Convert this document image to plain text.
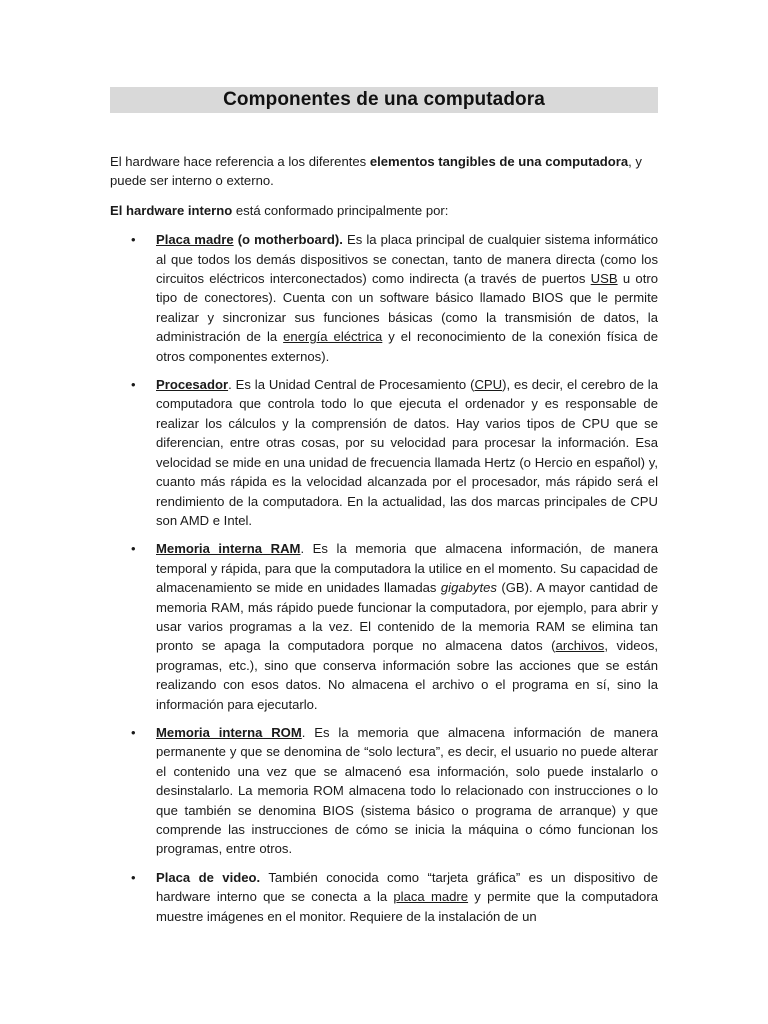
Componentes de una computadora

El hardware hace referencia a los diferentes elementos tangibles de una computadora, y puede ser interno o externo.

El hardware interno está conformado principalmente por:

• Placa madre (o motherboard). Es la placa principal de cualquier sistema informático al que todos los demás dispositivos se conectan, tanto de manera directa (como los circuitos eléctricos interconectados) como indirecta (a través de puertos USB u otro tipo de conectores). Cuenta con un software básico llamado BIOS que le permite realizar y sincronizar sus funciones básicas (como la transmisión de datos, la administración de la energía eléctrica y el reconocimiento de la conexión física de otros componentes externos).
• Procesador. Es la Unidad Central de Procesamiento (CPU), es decir, el cerebro de la computadora que controla todo lo que ejecuta el ordenador y es responsable de realizar los cálculos y la comprensión de datos. Hay varios tipos de CPU que se diferencian, entre otras cosas, por su velocidad para procesar la información. Esa velocidad se mide en una unidad de frecuencia llamada Hertz (o Hercio en español) y, cuanto más rápida es la velocidad alcanzada por el procesador, más rápido será el rendimiento de la computadora. En la actualidad, las dos marcas principales de CPU son AMD e Intel.
• Memoria interna RAM. Es la memoria que almacena información, de manera temporal y rápida, para que la computadora la utilice en el momento. Su capacidad de almacenamiento se mide en unidades llamadas gigabytes (GB). A mayor cantidad de memoria RAM, más rápido puede funcionar la computadora, por ejemplo, para abrir y usar varios programas a la vez. El contenido de la memoria RAM se elimina tan pronto se apaga la computadora porque no almacena datos (archivos, videos, programas, etc.), sino que conserva información sobre las acciones que se están realizando con esos datos. No almacena el archivo o el programa en sí, sino la información para ejecutarlo.
• Memoria interna ROM. Es la memoria que almacena información de manera permanente y que se denomina de “solo lectura”, es decir, el usuario no puede alterar el contenido una vez que se almacenó esa información, solo puede instalarlo o desinstalarlo. La memoria ROM almacena todo lo relacionado con instrucciones o lo que también se denomina BIOS (sistema básico o programa de arranque) y que comprende las instrucciones de cómo se inicia la máquina o cómo funcionan los programas, entre otros.
• Placa de video. También conocida como “tarjeta gráfica” es un dispositivo de hardware interno que se conecta a la placa madre y permite que la computadora muestre imágenes en el monitor. Requiere de la instalación de un
